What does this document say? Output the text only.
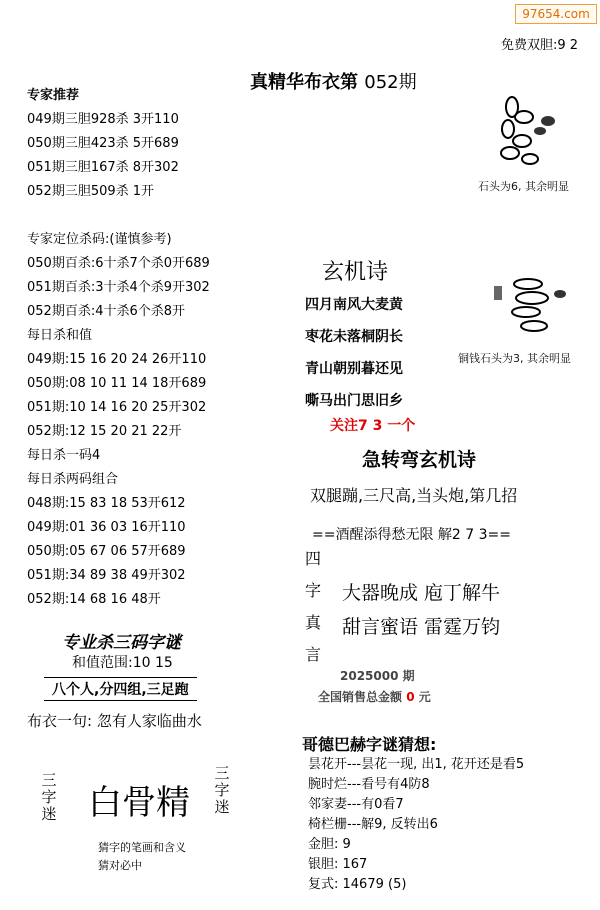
97654.com
免费双胆:9 2
真精华布衣第 052期
专家推荐
049期三胆928杀 3开110
050期三胆423杀 5开689
051期三胆167杀 8开302
052期三胆509杀 1开
专家定位杀码:(谨慎参考)
050期百杀:6十杀7个杀0开689
051期百杀:3十杀4个杀9开302
052期百杀:4十杀6个杀8开
每日杀和值
049期:15 16 20 24 26开110
050期:08 10 11 14 18开689
051期:10 14 16 20 25开302
052期:12 15 20 21 22开
每日杀一码4
每日杀两码组合
048期:15 83 18 53开612
049期:01 36 03 16开110
050期:05 67 06 57开689
051期:34 89 38 49开302
052期:14 68 16 48开
石头为6, 其余明显
铜钱石头为3, 其余明显
玄机诗
四月南风大麦黄
枣花未落桐阴长
青山朝别暮还见
嘶马出门思旧乡
关注7 3 一个
急转弯玄机诗
双腿蹦,三尺高,当头炮,第几招
==酒醒添得愁无限 解2 7 3==
四
字
真
言
大器晚成 庖丁解牛
甜言蜜语 雷霆万钧
2025000 期
全国销售总金额 0 元
哥德巴赫字谜猜想:
昙花开---昙花一现, 出1, 花开还是看5
腕时烂---看号有4防8
邻家妻---有0看7
椅栏栅---解9, 反转出6
金胆: 9
银胆: 167
复式: 14679 (5)
专业杀三码字谜
和值范围:10 15
八个人,分四组,三足跑
布衣一句: 忽有人家临曲水
三
字
迷 白骨精
三
字
迷
猜字的笔画和含义
猜对必中
